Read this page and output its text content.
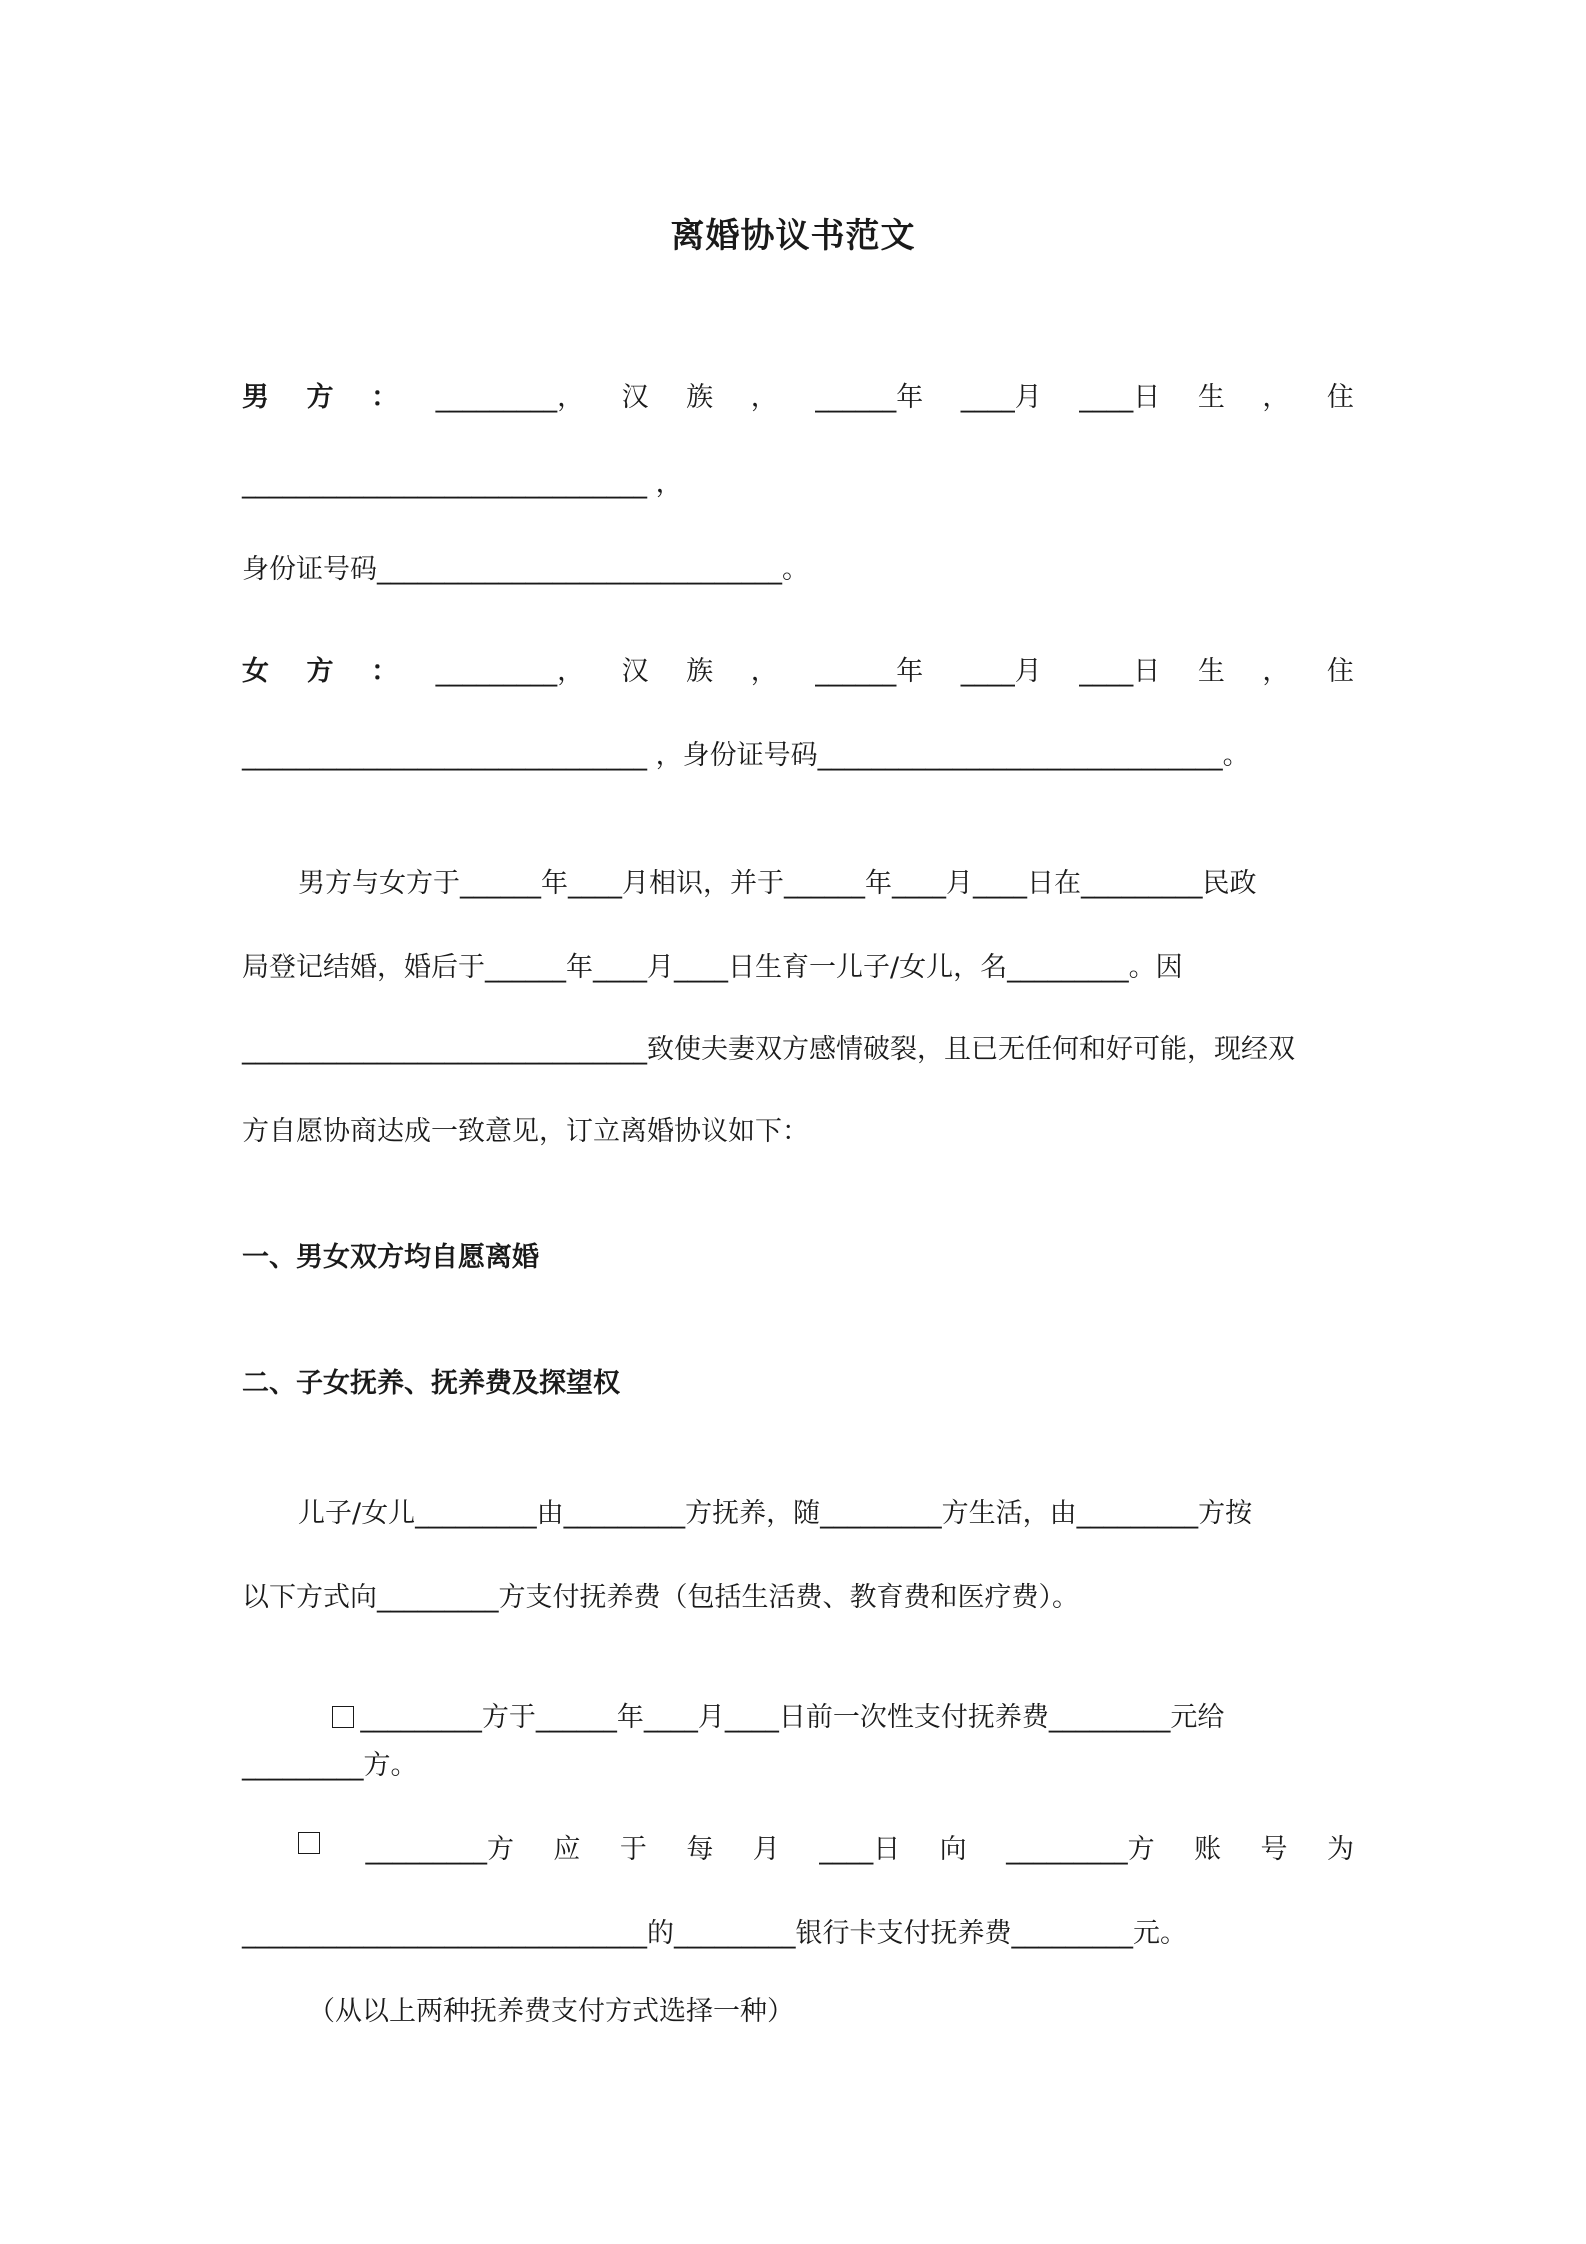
离婚协议书范文
男 方 ： _________， 汉 族 ， ______年 ____月 ____日 生 ， 住
______________________________ ，
身份证号码______________________________。
女 方 ： _________， 汉 族 ， ______年 ____月 ____日 生 ， 住
______________________________ ，身份证号码______________________________。
男方与女方于______年____月相识，并于______年____月____日在_________民政
局登记结婚，婚后于______年____月____日生育一儿子/女儿，名_________。因
______________________________致使夫妻双方感情破裂，且已无任何和好可能，现经双
方自愿协商达成一致意见，订立离婚协议如下：
一、男女双方均自愿离婚
二、子女抚养、抚养费及探望权
儿子/女儿_________由_________方抚养，随_________方生活，由_________方按
以下方式向_________方支付抚养费（包括生活费、教育费和医疗费）。

_________方于______年____月____日前一次性支付抚养费_________元给

_________方。
_________方 应 于 每 月 ____日 向 _________方 账 号 为
______________________________的_________银行卡支付抚养费_________元。
（从以上两种抚养费支付方式选择一种）
